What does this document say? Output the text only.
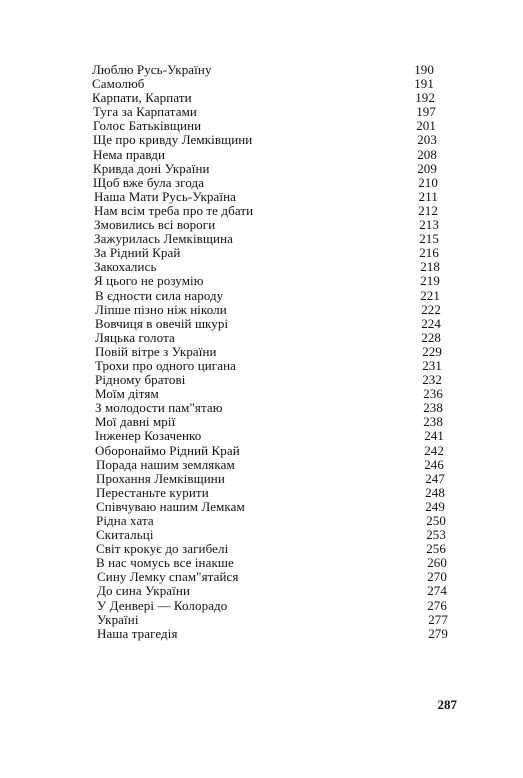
Люблю Русь-Україну	190
Самолюб	191
Карпати, Карпати	192
Туга за Карпатами	197
Голос Батьківщини	201
Ще про кривду Лемківщини	203
Нема правди	208
Кривда доні України	209
Щоб вже була згода	210
Наша Мати Русь-Україна	211
Нам всім треба про те дбати	212
Змовились всі вороги	213
Зажурилась Лемківщина	215
За Рідний Край	216
Закохались	218
Я цього не розумію	219
В єдности сила народу	221
Ліпше пізно ніж ніколи	222
Вовчиця в овечій шкурі	224
Ляцька голота	228
Повій вітре з України	229
Трохи про одного цигана	231
Рідному братові	232
Моїм дітям	236
З молодости пам"ятаю	238
Мої давні мрії	238
Інженер Козаченко	241
Оборонаймо Рідний Край	242
Порада нашим землякам	246
Прохання Лемківщини	247
Перестаньте курити	248
Співчуваю нашим Лемкам	249
Рідна хата	250
Скитальці	253
Світ крокує до загибелі	256
В нас чомусь все інакше	260
Сину Лемку спам"ятайся	270
До сина України	274
У Денвері — Колорадо	276
Україні	277
Наша трагедія	279
287
